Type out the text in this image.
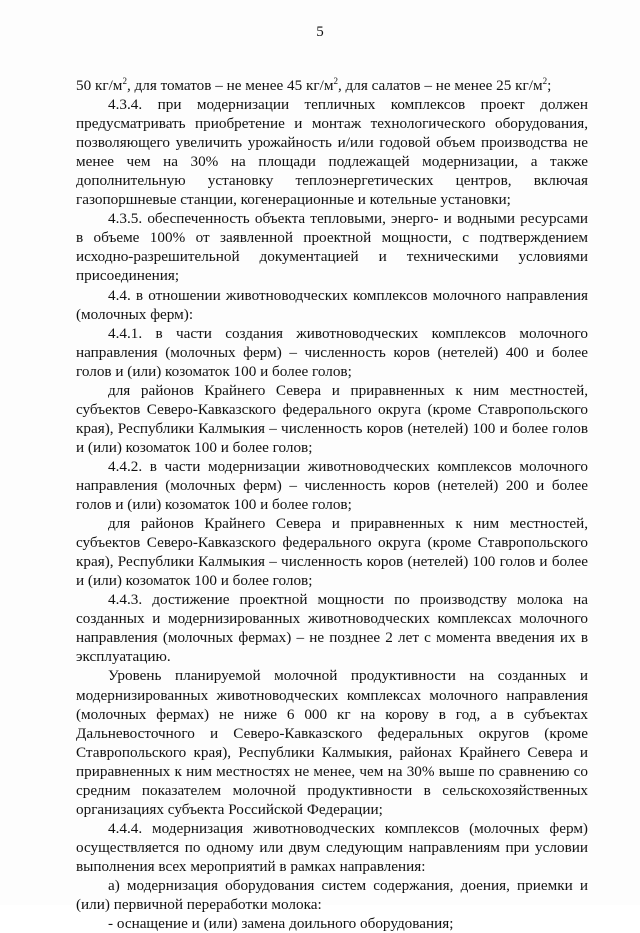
5

50 $кг/м^2$, для томатов – не менее 45 $кг/м^2$, для салатов – не менее 25 $кг/м^2$;

4.3.4. при модернизации тепличных комплексов проект должен предусматривать приобретение и монтаж технологического оборудования, позволяющего увеличить урожайность и/или годовой объем производства не менее чем на 30% на площади подлежащей модернизации, а также дополнительную установку теплоэнергетических центров, включая газопоршневые станции, когенерационные и котельные установки;

4.3.5. обеспеченность объекта тепловыми, энерго- и водными ресурсами в объеме 100% от заявленной проектной мощности, с подтверждением исходно-разрешительной документацией и техническими условиями присоединения;

4.4. в отношении животноводческих комплексов молочного направления (молочных ферм):

4.4.1. в части создания животноводческих комплексов молочного направления (молочных ферм) – численность коров (нетелей) 400 и более голов и (или) козоматок 100 и более голов;

для районов Крайнего Севера и приравненных к ним местностей, субъектов Северо-Кавказского федерального округа (кроме Ставропольского края), Республики Калмыкия – численность коров (нетелей) 100 и более голов и (или) козоматок 100 и более голов;

4.4.2. в части модернизации животноводческих комплексов молочного направления (молочных ферм) – численность коров (нетелей) 200 и более голов и (или) козоматок 100 и более голов;

для районов Крайнего Севера и приравненных к ним местностей, субъектов Северо-Кавказского федерального округа (кроме Ставропольского края), Республики Калмыкия – численность коров (нетелей) 100 голов и более и (или) козоматок 100 и более голов;

4.4.3. достижение проектной мощности по производству молока на созданных и модернизированных животноводческих комплексах молочного направления (молочных фермах) – не позднее 2 лет с момента введения их в эксплуатацию.

Уровень планируемой молочной продуктивности на созданных и модернизированных животноводческих комплексах молочного направления (молочных фермах) не ниже 6 000 кг на корову в год, а в субъектах Дальневосточного и Северо-Кавказского федеральных округов (кроме Ставропольского края), Республики Калмыкия, районах Крайнего Севера и приравненных к ним местностях не менее, чем на 30% выше по сравнению со средним показателем молочной продуктивности в сельскохозяйственных организациях субъекта Российской Федерации;

4.4.4. модернизация животноводческих комплексов (молочных ферм) осуществляется по одному или двум следующим направлениям при условии выполнения всех мероприятий в рамках направления:

а) модернизация оборудования систем содержания, доения, приемки и (или) первичной переработки молока:

- оснащение и (или) замена доильного оборудования;
